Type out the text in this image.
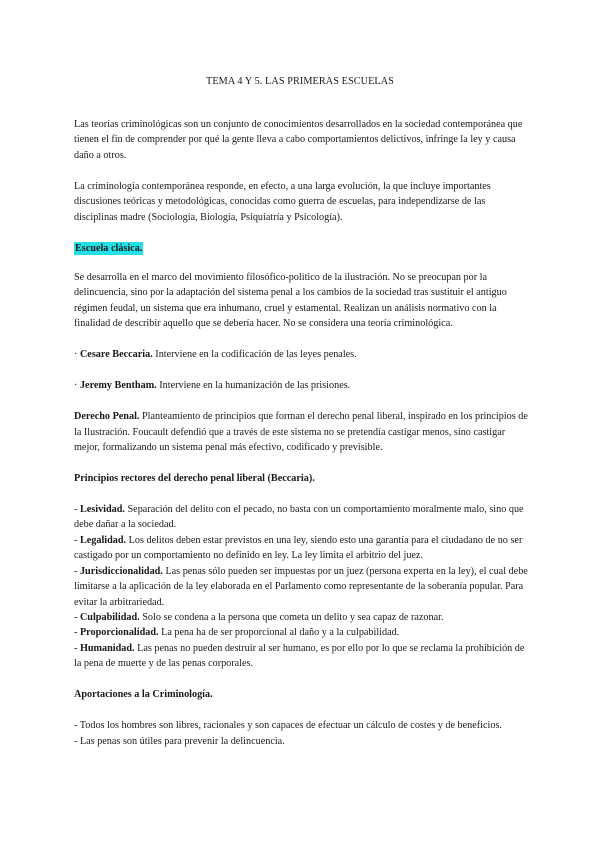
TEMA 4 Y 5. LAS PRIMERAS ESCUELAS

Las teorías criminológicas son un conjunto de conocimientos desarrollados en la sociedad contemporánea que tienen el fin de comprender por qué la gente lleva a cabo comportamientos delictivos, infringe la ley y causa daño a otros.

La criminología contemporánea responde, en efecto, a una larga evolución, la que incluye importantes discusiones teóricas y metodológicas, conocidas como guerra de escuelas, para independizarse de las disciplinas madre (Sociología, Biología, Psiquiatría y Psicología).

Escuela clásica.

Se desarrolla en el marco del movimiento filosófico-político de la ilustración. No se preocupan por la delincuencia, sino por la adaptación del sistema penal a los cambios de la sociedad tras sustituir el antiguo régimen feudal, un sistema que era inhumano, cruel y estamental. Realizan un análisis normativo con la finalidad de describir aquello que se debería hacer. No se considera una teoría criminológica.

· Cesare Beccaria. Interviene en la codificación de las leyes penales.

· Jeremy Bentham. Interviene en la humanización de las prisiones.

Derecho Penal. Planteamiento de principios que forman el derecho penal liberal, inspirado en los principios de la Ilustración. Foucault defendió que a través de este sistema no se pretendía castigar menos, sino castigar mejor, formalizando un sistema penal más efectivo, codificado y previsible.

Principios rectores del derecho penal liberal (Beccaria).

- Lesividad. Separación del delito con el pecado, no basta con un comportamiento moralmente malo, sino que debe dañar a la sociedad.
- Legalidad. Los delitos deben estar previstos en una ley, siendo esto una garantía para el ciudadano de no ser castigado por un comportamiento no definido en ley. La ley limita el arbitrio del juez.
- Jurisdiccionalidad. Las penas sólo pueden ser impuestas por un juez (persona experta en la ley), el cual debe limitarse a la aplicación de la ley elaborada en el Parlamento como representante de la soberanía popular. Para evitar la arbitrariedad.
- Culpabilidad. Solo se condena a la persona que cometa un delito y sea capaz de razonar.
- Proporcionalidad. La pena ha de ser proporcional al daño y a la culpabilidad.
- Humanidad. Las penas no pueden destruir al ser humano, es por ello por lo que se reclama la prohibición de la pena de muerte y de las penas corporales.

Aportaciones a la Criminología.

- Todos los hombres son libres, racionales y son capaces de efectuar un cálculo de costes y de beneficios.
- Las penas son útiles para prevenir la delincuencia.
